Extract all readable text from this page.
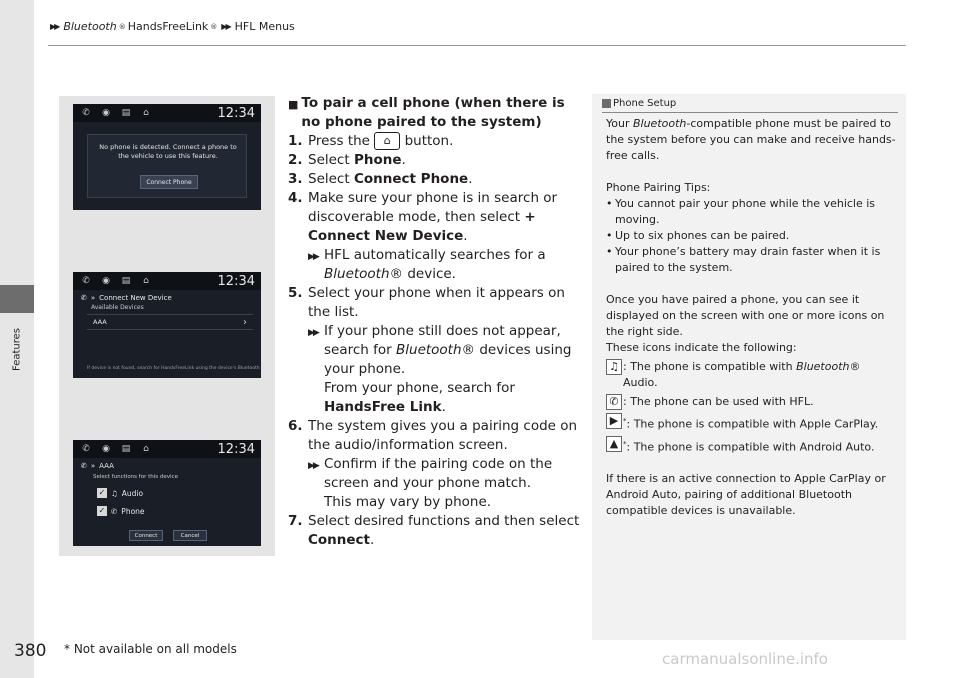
Features
▶▶ Bluetooth ® HandsFreeLink ® ▶▶ HFL Menus
✆	◉	▤	⌂	12:34
No phone is detected. Connect a phone to the vehicle to use this feature.
Connect Phone
✆	◉	▤	⌂	12:34
✆ » Connect New Device
Available Devices
AAA	›
If device is not found, search for HandsFreeLink using the device's Bluetooth
✆	◉	▤	⌂	12:34
✆ » AAA
Select functions for this device
✓ ♫ Audio
✓ ✆ Phone
Connect	Cancel
■ To pair a cell phone (when there is no phone paired to the system)
1. Press the ⌂ button.
2. Select Phone.
3. Select Connect Phone.
4. Make sure your phone is in search or discoverable mode, then select + Connect New Device.
▶▶ HFL automatically searches for a Bluetooth® device.
5. Select your phone when it appears on the list.
▶▶ If your phone still does not appear, search for Bluetooth® devices using your phone.
From your phone, search for HandsFree Link.
6. The system gives you a pairing code on the audio/information screen.
▶▶ Confirm if the pairing code on the screen and your phone match.
This may vary by phone.
7. Select desired functions and then select Connect.
Phone Setup

Your Bluetooth-compatible phone must be paired to the system before you can make and receive hands-free calls.

Phone Pairing Tips:

• You cannot pair your phone while the vehicle is moving.
• Up to six phones can be paired.
• Your phone’s battery may drain faster when it is paired to the system.

Once you have paired a phone, you can see it displayed on the screen with one or more icons on the right side.

These icons indicate the following:

♫ : The phone is compatible with Bluetooth® Audio.
✆ : The phone can be used with HFL.
▶ *: The phone is compatible with Apple CarPlay.
▲ *: The phone is compatible with Android Auto.

If there is an active connection to Apple CarPlay or Android Auto, pairing of additional Bluetooth compatible devices is unavailable.

380 * Not available on all models
carmanualsonline.info
